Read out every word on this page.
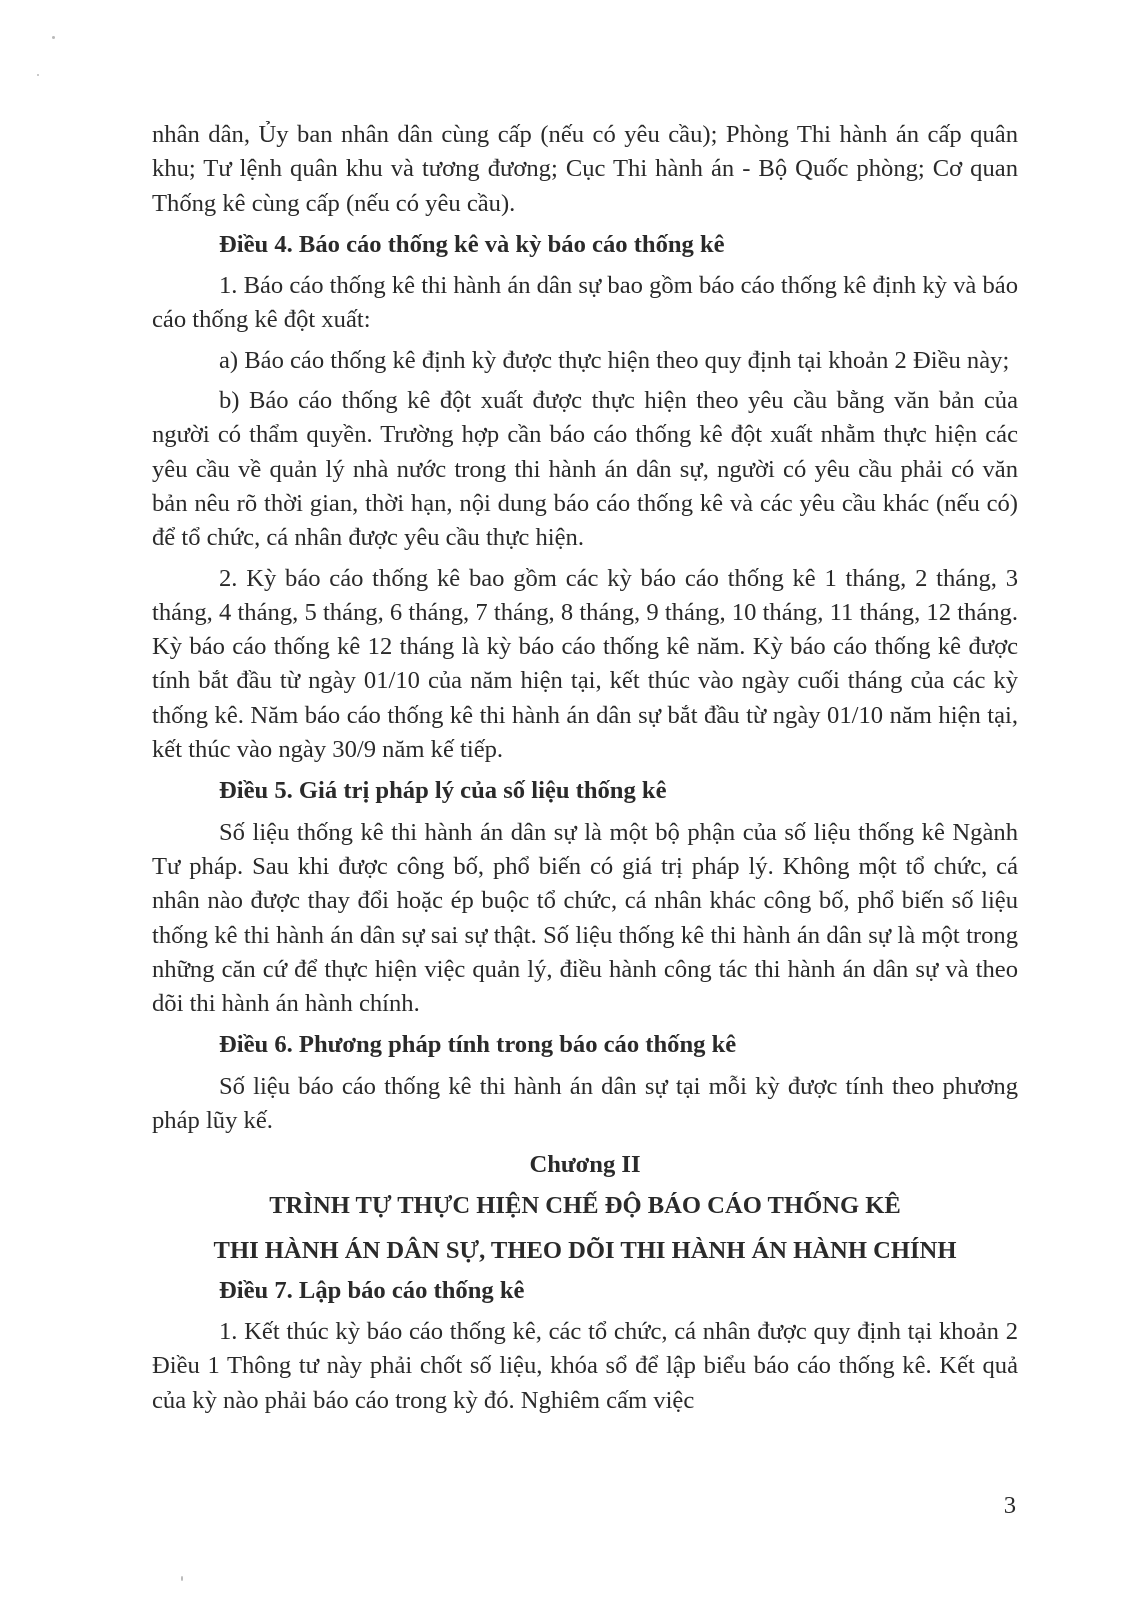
nhân dân, Ủy ban nhân dân cùng cấp (nếu có yêu cầu); Phòng Thi hành án cấp quân khu; Tư lệnh quân khu và tương đương; Cục Thi hành án - Bộ Quốc phòng; Cơ quan Thống kê cùng cấp (nếu có yêu cầu).

Điều 4. Báo cáo thống kê và kỳ báo cáo thống kê

1. Báo cáo thống kê thi hành án dân sự bao gồm báo cáo thống kê định kỳ và báo cáo thống kê đột xuất:

a) Báo cáo thống kê định kỳ được thực hiện theo quy định tại khoản 2 Điều này;

b) Báo cáo thống kê đột xuất được thực hiện theo yêu cầu bằng văn bản của người có thẩm quyền. Trường hợp cần báo cáo thống kê đột xuất nhằm thực hiện các yêu cầu về quản lý nhà nước trong thi hành án dân sự, người có yêu cầu phải có văn bản nêu rõ thời gian, thời hạn, nội dung báo cáo thống kê và các yêu cầu khác (nếu có) để tổ chức, cá nhân được yêu cầu thực hiện.

2. Kỳ báo cáo thống kê bao gồm các kỳ báo cáo thống kê 1 tháng, 2 tháng, 3 tháng, 4 tháng, 5 tháng, 6 tháng, 7 tháng, 8 tháng, 9 tháng, 10 tháng, 11 tháng, 12 tháng. Kỳ báo cáo thống kê 12 tháng là kỳ báo cáo thống kê năm. Kỳ báo cáo thống kê được tính bắt đầu từ ngày 01/10 của năm hiện tại, kết thúc vào ngày cuối tháng của các kỳ thống kê. Năm báo cáo thống kê thi hành án dân sự bắt đầu từ ngày 01/10 năm hiện tại, kết thúc vào ngày 30/9 năm kế tiếp.

Điều 5. Giá trị pháp lý của số liệu thống kê

Số liệu thống kê thi hành án dân sự là một bộ phận của số liệu thống kê Ngành Tư pháp. Sau khi được công bố, phổ biến có giá trị pháp lý. Không một tổ chức, cá nhân nào được thay đổi hoặc ép buộc tổ chức, cá nhân khác công bố, phổ biến số liệu thống kê thi hành án dân sự sai sự thật. Số liệu thống kê thi hành án dân sự là một trong những căn cứ để thực hiện việc quản lý, điều hành công tác thi hành án dân sự và theo dõi thi hành án hành chính.

Điều 6. Phương pháp tính trong báo cáo thống kê

Số liệu báo cáo thống kê thi hành án dân sự tại mỗi kỳ được tính theo phương pháp lũy kế.

Chương II

TRÌNH TỰ THỰC HIỆN CHẾ ĐỘ BÁO CÁO THỐNG KÊ

THI HÀNH ÁN DÂN SỰ, THEO DÕI THI HÀNH ÁN HÀNH CHÍNH

Điều 7. Lập báo cáo thống kê

1. Kết thúc kỳ báo cáo thống kê, các tổ chức, cá nhân được quy định tại khoản 2 Điều 1 Thông tư này phải chốt số liệu, khóa sổ để lập biểu báo cáo thống kê. Kết quả của kỳ nào phải báo cáo trong kỳ đó. Nghiêm cấm việc

3
